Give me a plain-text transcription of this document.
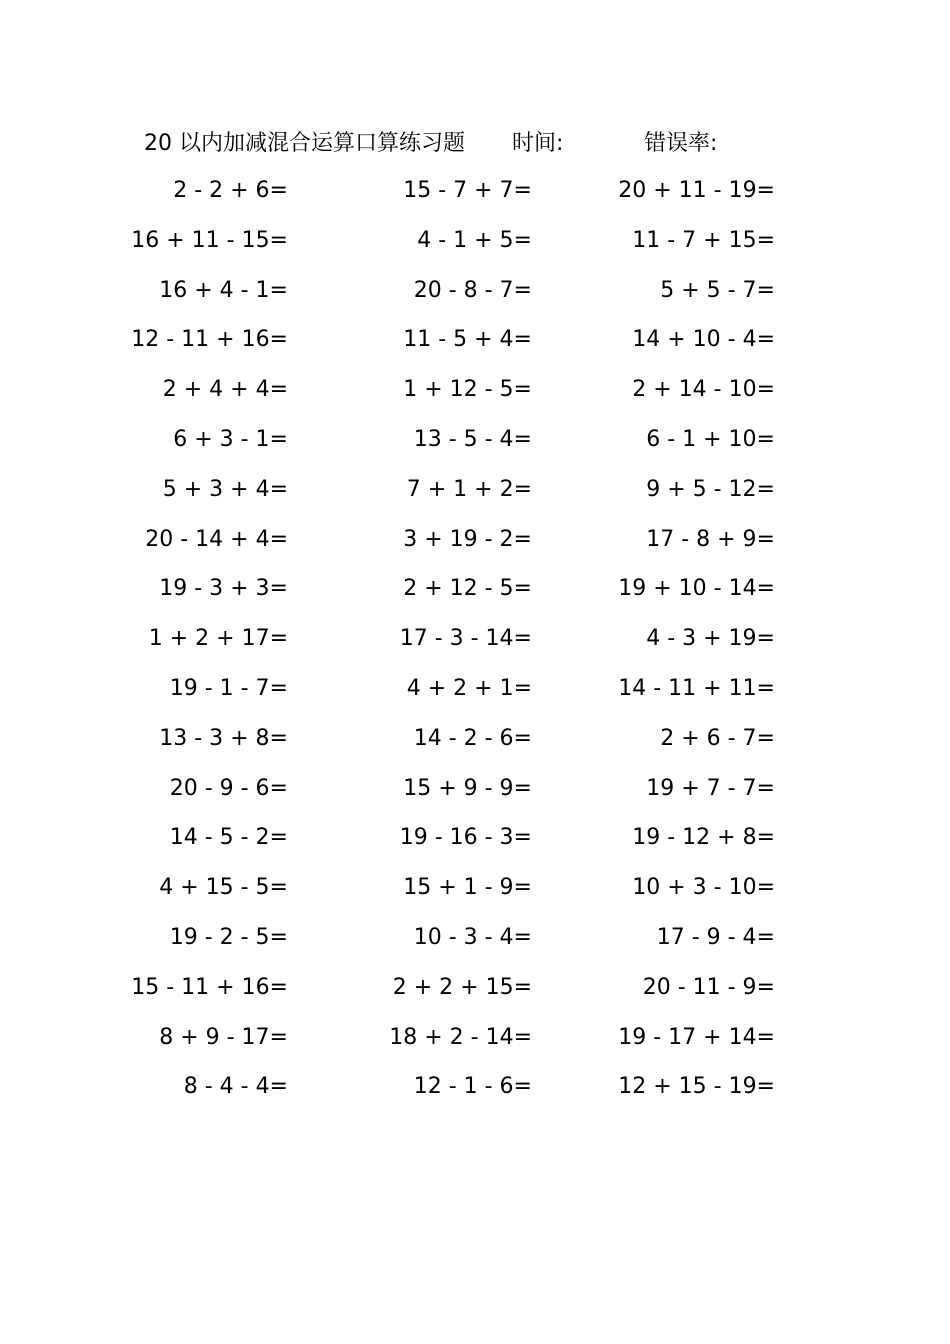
20 以内加减混合运算口算练习题 时间:	错误率:
2 - 2 + 6=	15 - 7 + 7=	20 + 11 - 19=
16 + 11 - 15=	4 - 1 + 5=	11 - 7 + 15=
16 + 4 - 1=	20 - 8 - 7=	5 + 5 - 7=
12 - 11 + 16=	11 - 5 + 4=	14 + 10 - 4=
2 + 4 + 4=	1 + 12 - 5=	2 + 14 - 10=
6 + 3 - 1=	13 - 5 - 4=	6 - 1 + 10=
5 + 3 + 4=	7 + 1 + 2=	9 + 5 - 12=
20 - 14 + 4=	3 + 19 - 2=	17 - 8 + 9=
19 - 3 + 3=	2 + 12 - 5=	19 + 10 - 14=
1 + 2 + 17=	17 - 3 - 14=	4 - 3 + 19=
19 - 1 - 7=	4 + 2 + 1=	14 - 11 + 11=
13 - 3 + 8=	14 - 2 - 6=	2 + 6 - 7=
20 - 9 - 6=	15 + 9 - 9=	19 + 7 - 7=
14 - 5 - 2=	19 - 16 - 3=	19 - 12 + 8=
4 + 15 - 5=	15 + 1 - 9=	10 + 3 - 10=
19 - 2 - 5=	10 - 3 - 4=	17 - 9 - 4=
15 - 11 + 16=	2 + 2 + 15=	20 - 11 - 9=
8 + 9 - 17=	18 + 2 - 14=	19 - 17 + 14=
8 - 4 - 4=	12 - 1 - 6=	12 + 15 - 19=
